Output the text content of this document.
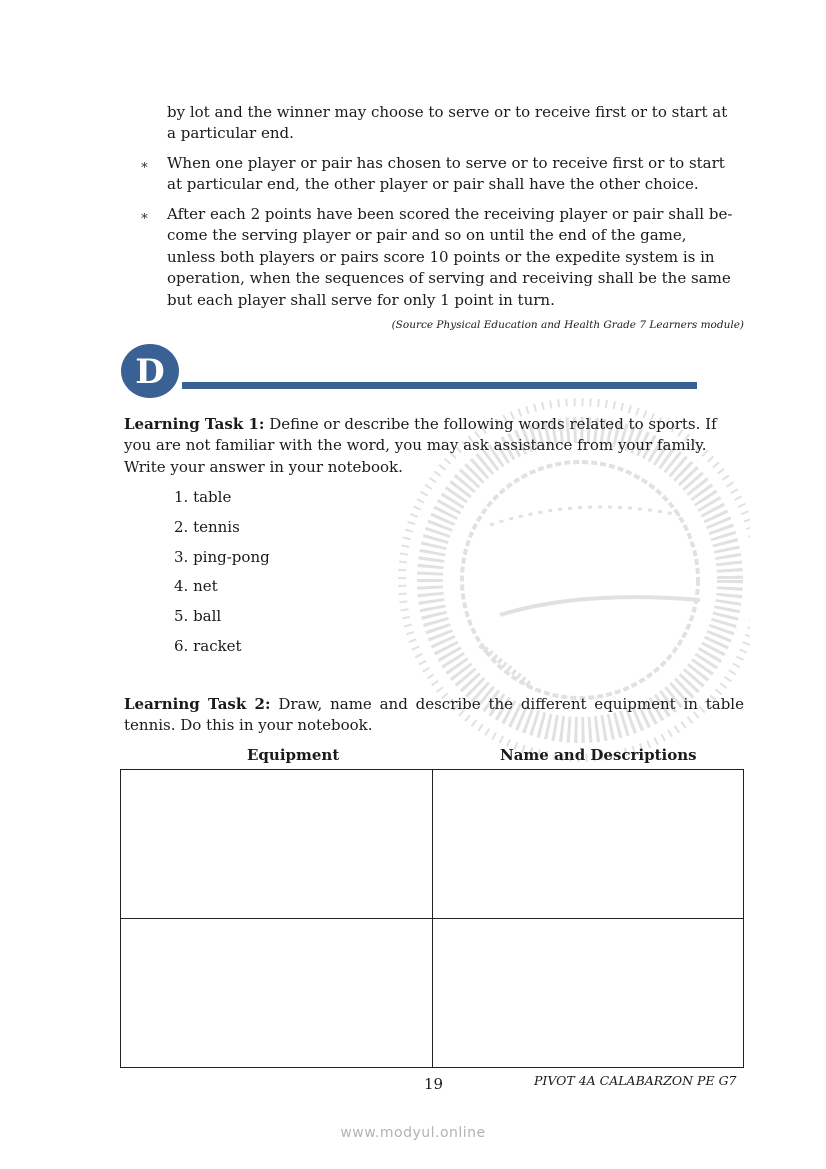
by lot and the winner may choose to serve or to receive first or to start at a particular end.

∗ When one player or pair has chosen to serve or to receive first or to start at particular end, the other player or pair shall have the other choice.

∗ After each 2 points have been scored the receiving player or pair shall be-come the serving player or pair and so on until the end of the game, unless both players or pairs score 10 points or the expedite system is in operation, when the sequences of serving and receiving shall be the same but each player shall serve for only 1 point in turn.

(Source Physical Education and Health Grade 7 Learners module)

D

Learning Task 1: Define or describe the following words related to sports. If you are not familiar with the word, you may ask assistance from your family. Write your answer in your notebook.

1. table
2. tennis
3. ping-pong
4. net
5. ball
6. racket

Learning Task 2: Draw, name and describe the different equipment in table
tennis. Do this in your notebook.

Equipment	Name and Descriptions
19	PIVOT 4A CALABARZON PE G7
www.modyul.online
